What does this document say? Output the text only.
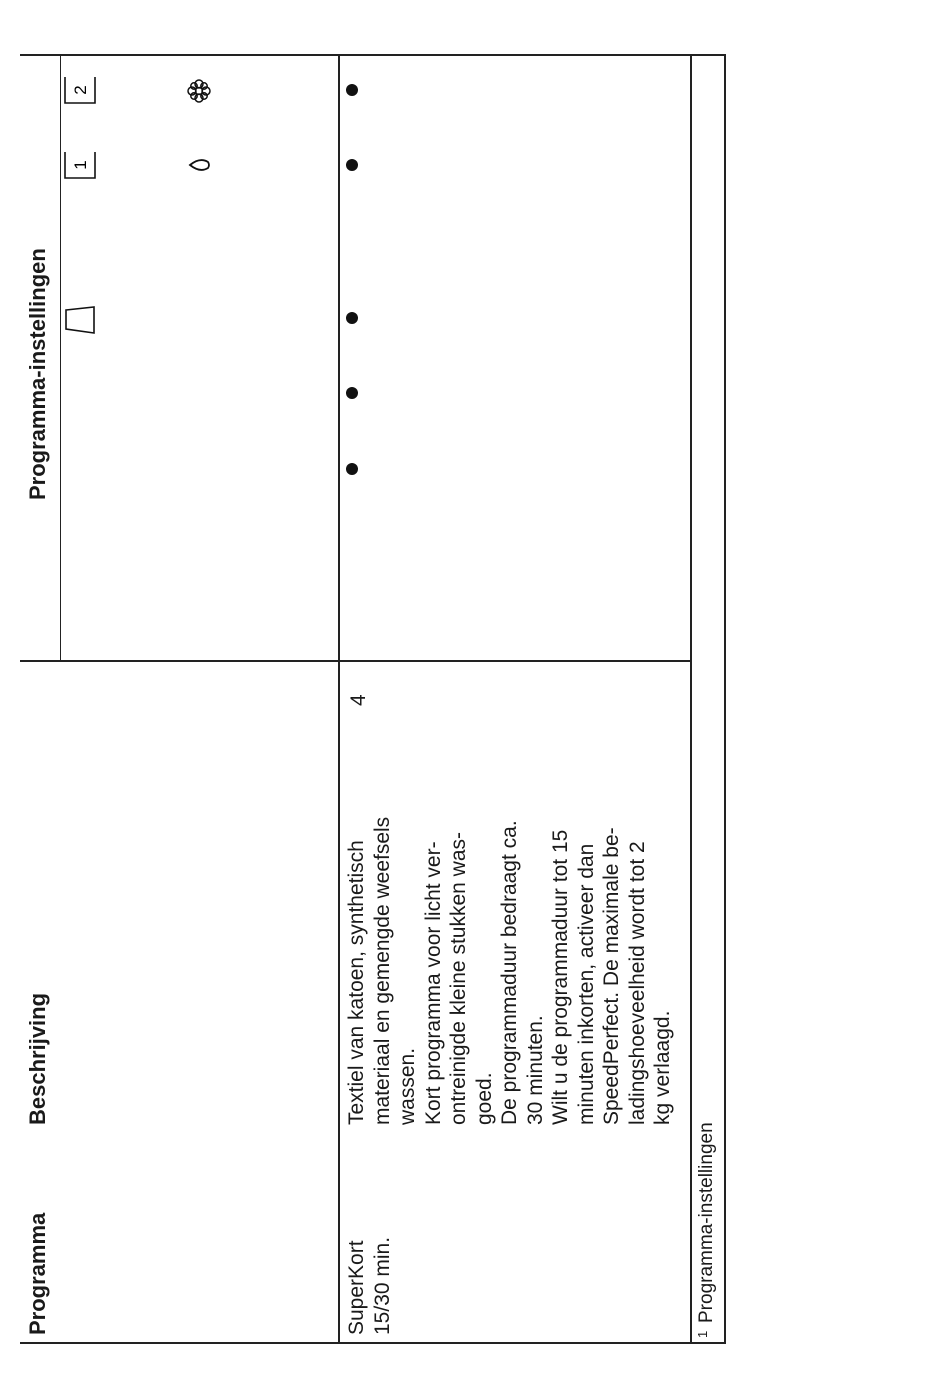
Programma
Beschrijving
Programma-instellingen
2
1
SuperKort
15/30 min.
Textiel van katoen, synthetisch
materiaal en gemengde weefsels
wassen.
Kort programma voor licht ver-
ontreinigde kleine stukken was-
goed.
De programmaduur bedraagt ca.
30 minuten.
Wilt u de programmaduur tot 15
minuten inkorten, activeer dan
SpeedPerfect. De maximale be-
ladingshoeveelheid wordt tot 2
kg verlaagd.
4
1
Programma-instellingen
